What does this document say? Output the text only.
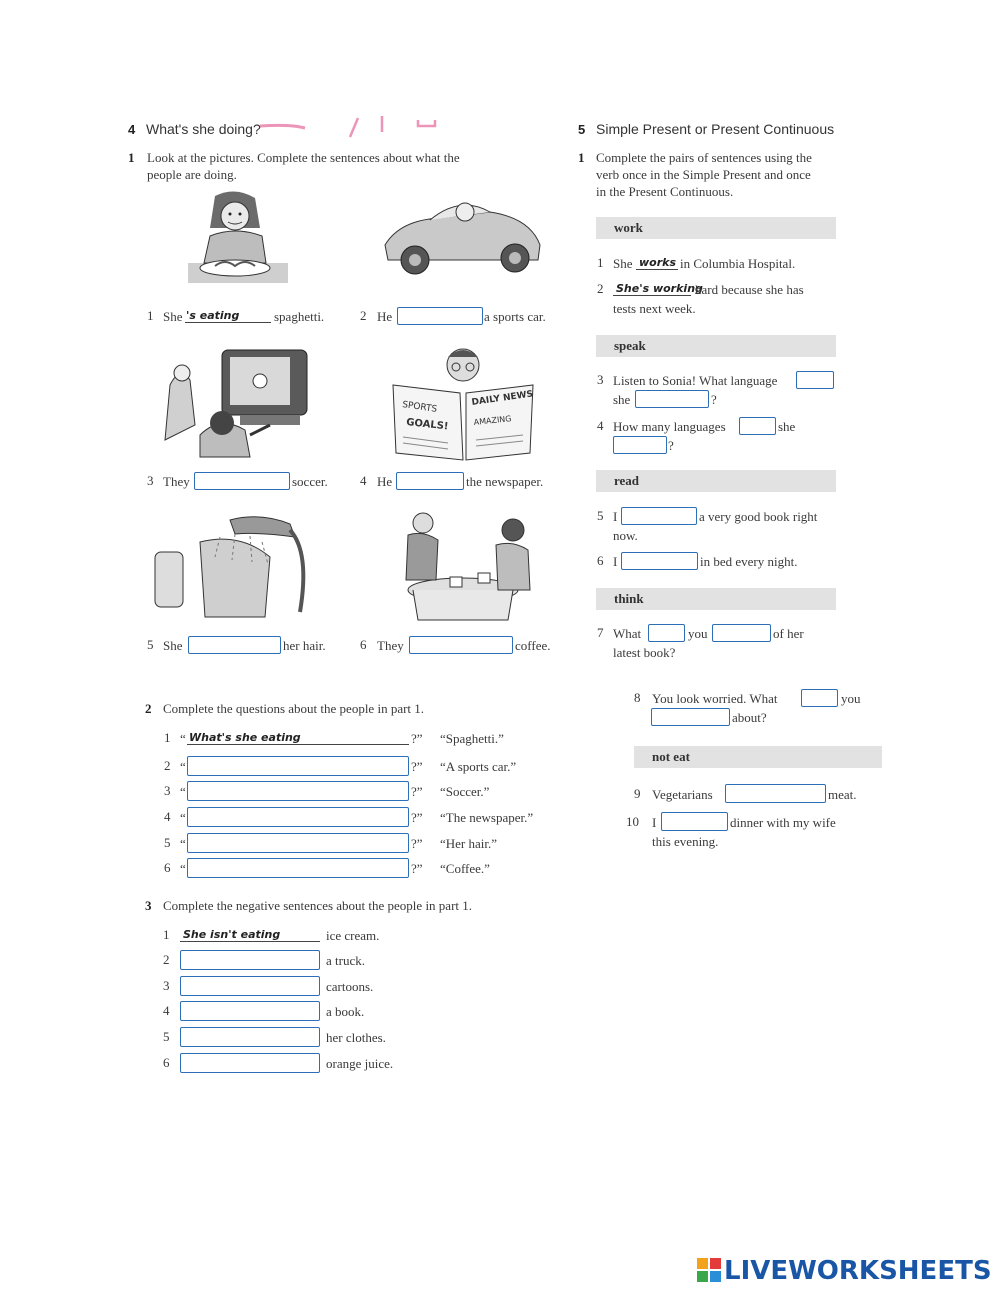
4 What's she doing?
1 Look at the pictures. Complete the sentences about what the
people are doing.
1 She 's eating	spaghetti.	2 He	a sports car.
SPORTS
GOALS!
DAILY NEWS
AMAZING
3 They	soccer. 4 He	the newspaper.
5 She	her hair.	6 They	coffee.
2 Complete the questions about the people in part 1.
1 “ What's she eating	?” “Spaghetti.”
2 “	?” “A sports car.”
3 “	?” “Soccer.”
4 “	?” “The newspaper.”
5 “	?” “Her hair.”
6 “	?” “Coffee.”
3 Complete the negative sentences about the people in part 1.
1 She isn't eating	ice cream.
2	a truck.
3	cartoons.
4	a book.
5	her clothes.
6	orange juice.
5 Simple Present or Present Continuous
1 Complete the pairs of sentences using the
verb once in the Simple Present and once
in the Present Continuous.
work
1 She works in Columbia Hospital.
2 She's working
hard because she has
tests next week.
speak
3 Listen to Sonia! What language
she	?
4 How many languages	she
?
read
5 I	a very good book right
now.
6 I	in bed every night.
think
7 What	you	of her
latest book?
8 You look worried. What	you
about?
not eat
9 Vegetarians	meat.
10 I	dinner with my wife
this evening.
LIVEWORKSHEETS
